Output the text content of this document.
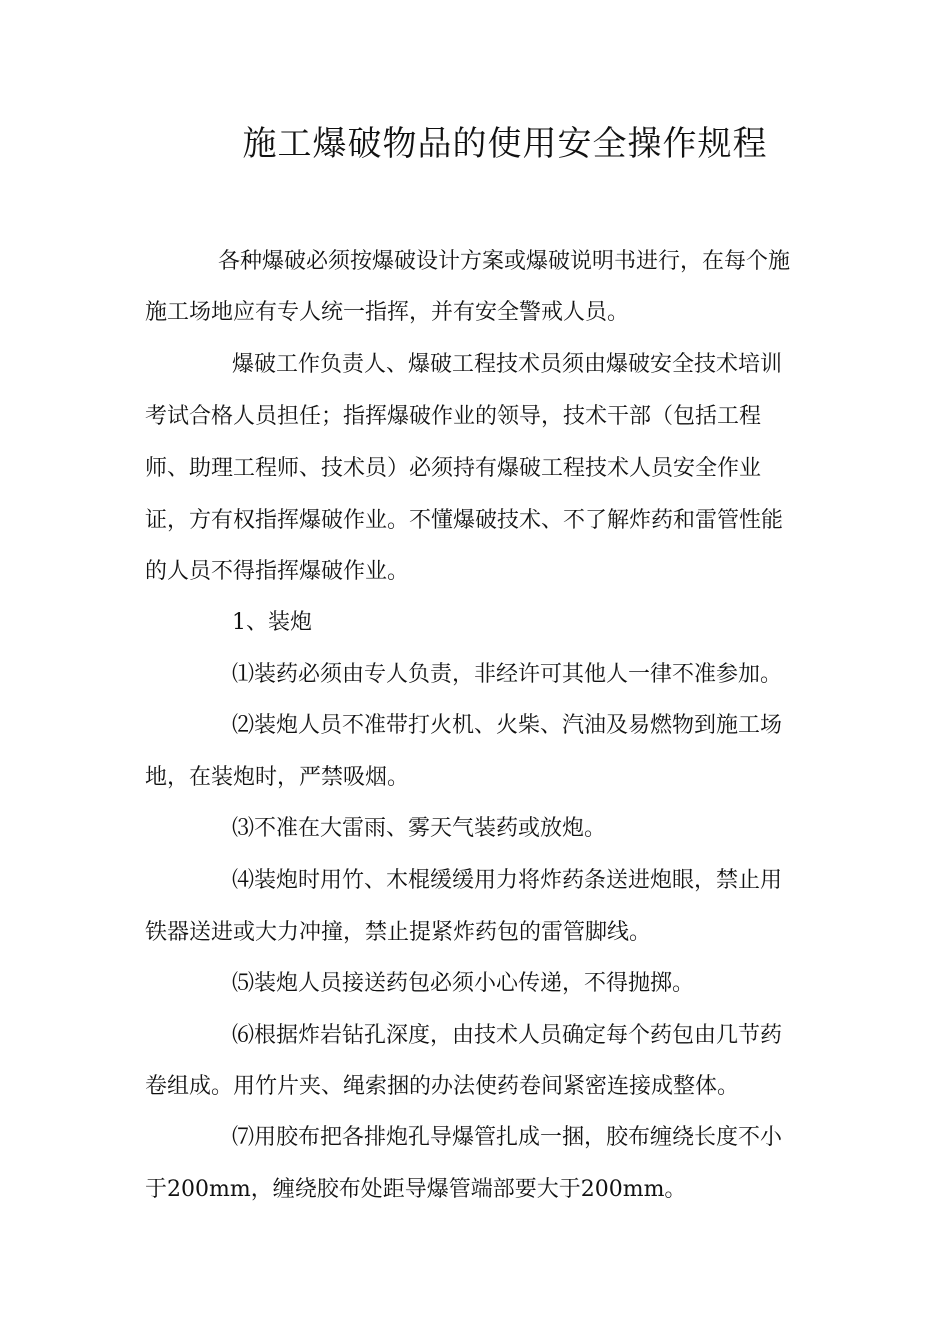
施工爆破物品的使用安全操作规程
各种爆破必须按爆破设计方案或爆破说明书进行，在每个施
施工场地应有专人统一指挥，并有安全警戒人员。
爆破工作负责人、爆破工程技术员须由爆破安全技术培训
考试合格人员担任；指挥爆破作业的领导，技术干部（包括工程
师、助理工程师、技术员）必须持有爆破工程技术人员安全作业
证，方有权指挥爆破作业。不懂爆破技术、不了解炸药和雷管性能
的人员不得指挥爆破作业。
1、装炮
⑴装药必须由专人负责，非经许可其他人一律不准参加。
⑵装炮人员不准带打火机、火柴、汽油及易燃物到施工场
地，在装炮时，严禁吸烟。
⑶不准在大雷雨、雾天气装药或放炮。
⑷装炮时用竹、木棍缓缓用力将炸药条送进炮眼，禁止用
铁器送进或大力冲撞，禁止提紧炸药包的雷管脚线。
⑸装炮人员接送药包必须小心传递，不得抛掷。
⑹根据炸岩钻孔深度，由技术人员确定每个药包由几节药
卷组成。用竹片夹、绳索捆的办法使药卷间紧密连接成整体。
⑺用胶布把各排炮孔导爆管扎成一捆，胶布缠绕长度不小
于200mm，缠绕胶布处距导爆管端部要大于200mm。
